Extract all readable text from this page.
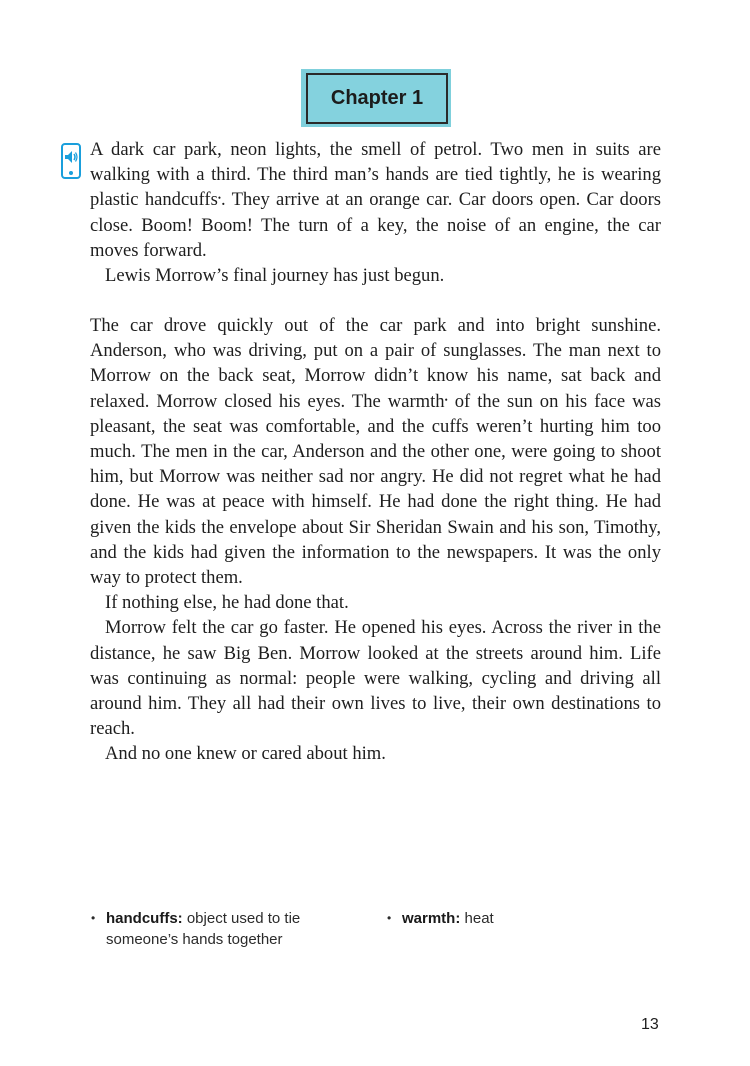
Chapter 1

A dark car park, neon lights, the smell of petrol. Two men in suits are walking with a third. The third man’s hands are tied tightly, he is wearing plastic handcuffs•. They arrive at an orange car. Car doors open. Car doors close. Boom! Boom! The turn of a key, the noise of an engine, the car moves forward.

Lewis Morrow’s final journey has just begun.

The car drove quickly out of the car park and into bright sunshine. Anderson, who was driving, put on a pair of sunglasses. The man next to Morrow on the back seat, Morrow didn’t know his name, sat back and relaxed. Morrow closed his eyes. The warmth• of the sun on his face was pleasant, the seat was comfortable, and the cuffs weren’t hurting him too much. The men in the car, Anderson and the other one, were going to shoot him, but Morrow was neither sad nor angry. He did not regret what he had done. He was at peace with himself. He had done the right thing. He had given the kids the envelope about Sir Sheridan Swain and his son, Timothy, and the kids had given the information to the newspapers. It was the only way to protect them.

If nothing else, he had done that.

Morrow felt the car go faster. He opened his eyes. Across the river in the distance, he saw Big Ben. Morrow looked at the streets around him. Life was continuing as normal: people were walking, cycling and driving all around him. They all had their own lives to live, their own destinations to reach.

And no one knew or cared about him.

• handcuffs: object used to tie someone’s hands together
• warmth: heat
13
